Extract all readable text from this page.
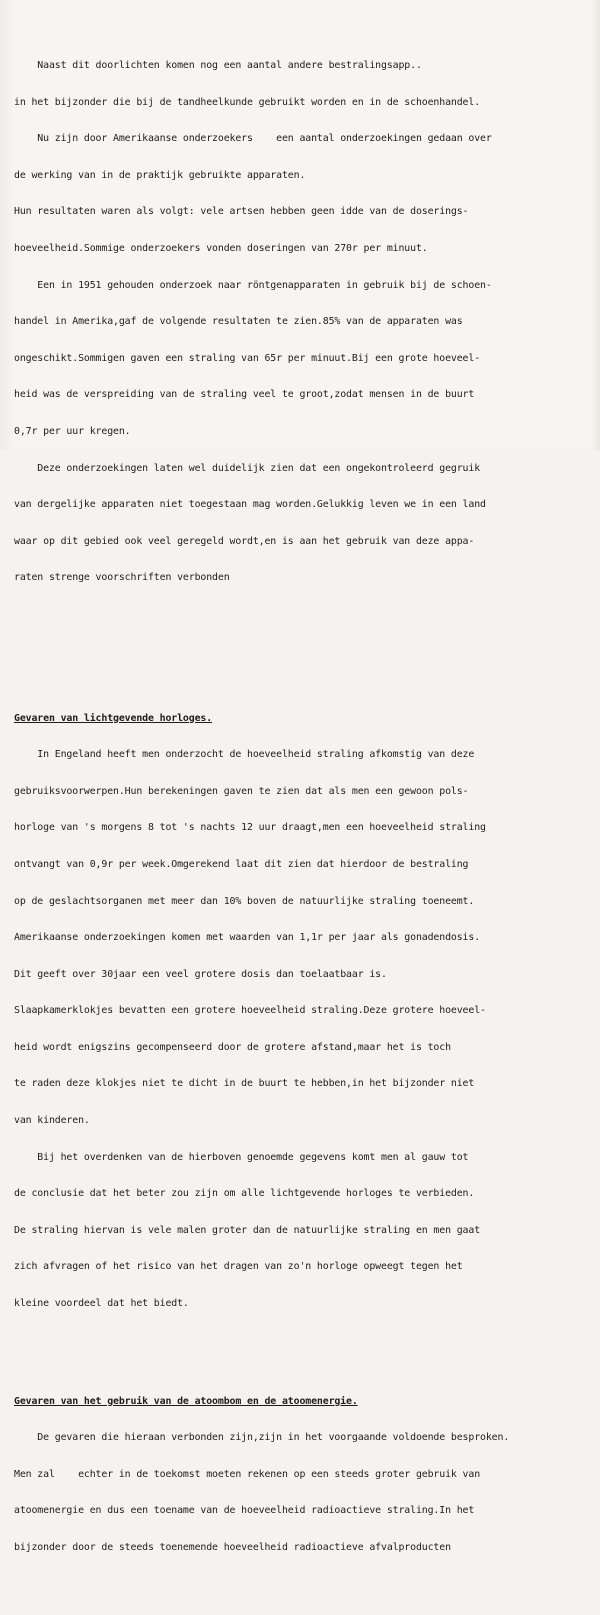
Naast dit doorlichten komen nog een aantal andere bestralingsapp..

in het bijzonder die bij de tandheelkunde gebruikt worden en in de schoenhandel.

Nu zijn door Amerikaanse onderzoekers    een aantal onderzoekingen gedaan over

de werking van in de praktijk gebruikte apparaten.

Hun resultaten waren als volgt: vele artsen hebben geen idde van de doserings-

hoeveelheid.Sommige onderzoekers vonden doseringen van 270r per minuut.

Een in 1951 gehouden onderzoek naar röntgenapparaten in gebruik bij de schoen-

handel in Amerika,gaf de volgende resultaten te zien.85% van de apparaten was

ongeschikt.Sommigen gaven een straling van 65r per minuut.Bij een grote hoeveel-

heid was de verspreiding van de straling veel te groot,zodat mensen in de buurt

0,7r per uur kregen.

Deze onderzoekingen laten wel duidelijk zien dat een ongekontroleerd gegruik

van dergelijke apparaten niet toegestaan mag worden.Gelukkig leven we in een land

waar op dit gebied ook veel geregeld wordt,en is aan het gebruik van deze appa-

raten strenge voorschriften verbonden

Gevaren van lichtgevende horloges.

In Engeland heeft men onderzocht de hoeveelheid straling afkomstig van deze

gebruiksvoorwerpen.Hun berekeningen gaven te zien dat als men een gewoon pols-

horloge van 's morgens 8 tot 's nachts 12 uur draagt,men een hoeveelheid straling

ontvangt van 0,9r per week.Omgerekend laat dit zien dat hierdoor de bestraling

op de geslachtsorganen met meer dan 10% boven de natuurlijke straling toeneemt.

Amerikaanse onderzoekingen komen met waarden van 1,1r per jaar als gonadendosis.

Dit geeft over 30jaar een veel grotere dosis dan toelaatbaar is.

Slaapkamerklokjes bevatten een grotere hoeveelheid straling.Deze grotere hoeveel-

heid wordt enigszins gecompenseerd door de grotere afstand,maar het is toch

te raden deze klokjes niet te dicht in de buurt te hebben,in het bijzonder niet

van kinderen.

Bij het overdenken van de hierboven genoemde gegevens komt men al gauw tot

de conclusie dat het beter zou zijn om alle lichtgevende horloges te verbieden.

De straling hiervan is vele malen groter dan de natuurlijke straling en men gaat

zich afvragen of het risico van het dragen van zo'n horloge opweegt tegen het

kleine voordeel dat het biedt.

Gevaren van het gebruik van de atoombom en de atoomenergie.

De gevaren die hieraan verbonden zijn,zijn in het voorgaande voldoende besproken.

Men zal    echter in de toekomst moeten rekenen op een steeds groter gebruik van

atoomenergie en dus een toename van de hoeveelheid radioactieve straling.In het

bijzonder door de steeds toenemende hoeveelheid radioactieve afvalproducten
